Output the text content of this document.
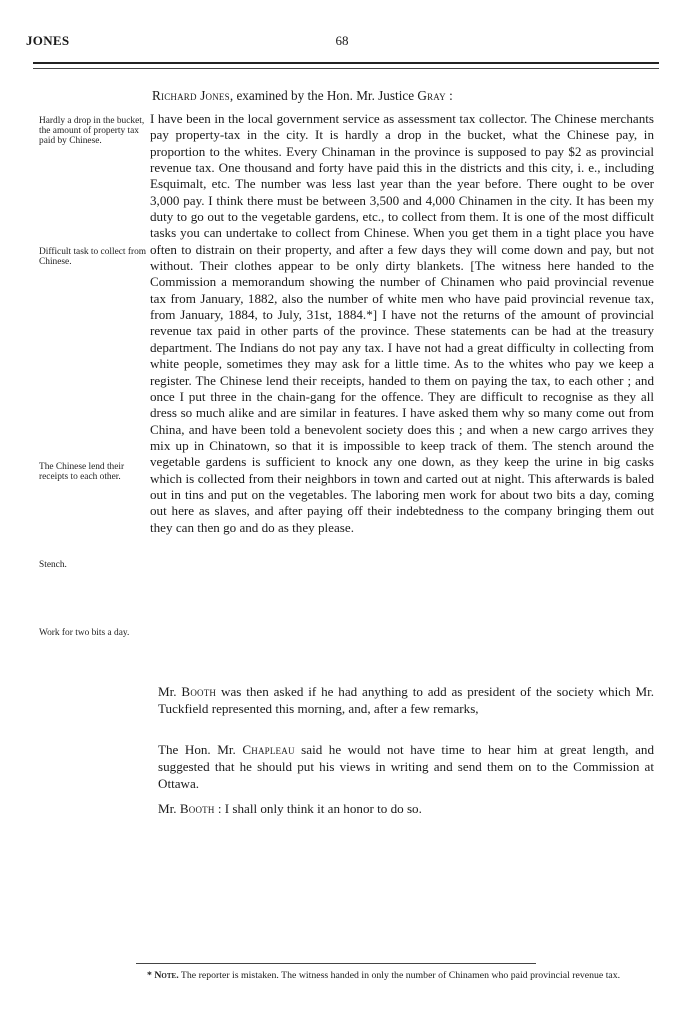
JONES	68
Richard Jones, examined by the Hon. Mr. Justice Gray :
Hardly a drop in the bucket, the amount of property tax paid by Chinese.
Difficult task to collect from Chinese.
The Chinese lend their receipts to each other.
Stench.
Work for two bits a day.

I have been in the local government service as assessment tax collector. The Chinese merchants pay property-tax in the city. It is hardly a drop in the bucket, what the Chinese pay, in proportion to the whites. Every Chinaman in the province is supposed to pay $2 as provincial revenue tax. One thousand and forty have paid this in the districts and this city, i. e., including Esquimalt, etc. The number was less last year than the year before. There ought to be over 3,000 pay. I think there must be between 3,500 and 4,000 Chinamen in the city. It has been my duty to go out to the vegetable gardens, etc., to collect from them. It is one of the most difficult tasks you can undertake to collect from Chinese. When you get them in a tight place you have often to distrain on their property, and after a few days they will come down and pay, but not without. Their clothes appear to be only dirty blankets. [The witness here handed to the Commission a memorandum showing the number of Chinamen who paid provincial revenue tax from January, 1882, also the number of white men who have paid provincial revenue tax, from January, 1884, to July, 31st, 1884.*] I have not the returns of the amount of provincial revenue tax paid in other parts of the province. These statements can be had at the treasury department. The Indians do not pay any tax. I have not had a great difficulty in collecting from white people, sometimes they may ask for a little time. As to the whites who pay we keep a register. The Chinese lend their receipts, handed to them on paying the tax, to each other ; and once I put three in the chain-gang for the offence. They are difficult to recognise as they all dress so much alike and are similar in features. I have asked them why so many come out from China, and have been told a benevolent society does this ; and when a new cargo arrives they mix up in Chinatown, so that it is impossible to keep track of them. The stench around the vegetable gardens is sufficient to knock any one down, as they keep the urine in big casks which is collected from their neighbors in town and carted out at night. This afterwards is baled out in tins and put on the vegetables. The laboring men work for about two bits a day, coming out here as slaves, and after paying off their indebtedness to the company bringing them out they can then go and do as they please.

Mr. Booth was then asked if he had anything to add as president of the society which Mr. Tuckfield represented this morning, and, after a few remarks,
The Hon. Mr. Chapleau said he would not have time to hear him at great length, and suggested that he should put his views in writing and send them on to the Commission at Ottawa.
Mr. Booth : I shall only think it an honor to do so.
* Note. The reporter is mistaken. The witness handed in only the number of Chinamen who paid provincial revenue tax.
